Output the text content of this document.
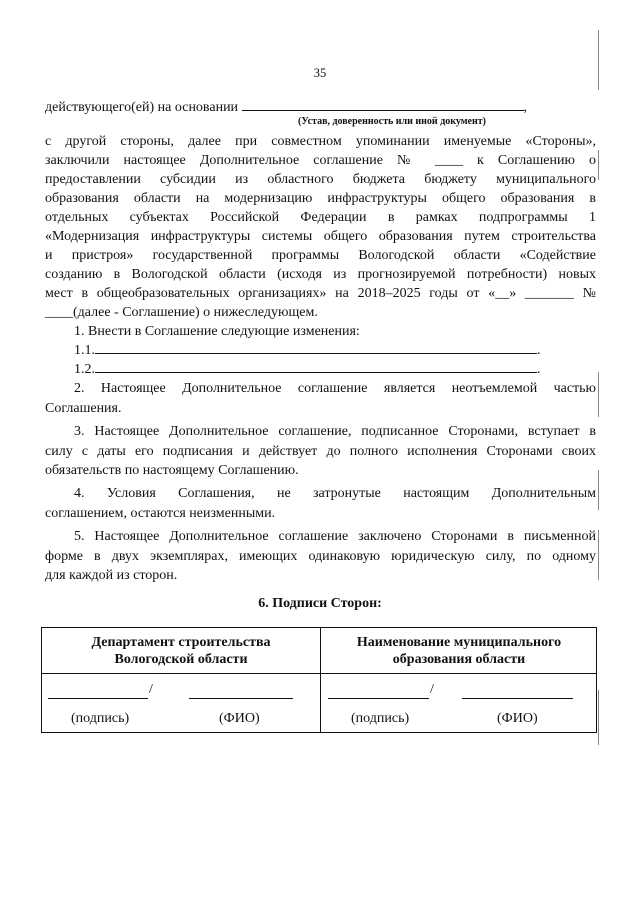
35
действующего(ей) на основании	,
(Устав, доверенность или иной документ)
с другой стороны, далее при совместном упоминании именуемые «Стороны»,
заключили настоящее Дополнительное соглашение № ____ к Соглашению о
предоставлении субсидии из областного бюджета бюджету муниципального
образования области на модернизацию инфраструктуры общего образования в
отдельных субъектах Российской Федерации в рамках подпрограммы 1
«Модернизация инфраструктуры системы общего образования путем строительства
и пристроя» государственной программы Вологодской области «Содействие
созданию в Вологодской области (исходя из прогнозируемой потребности) новых
мест в общеобразовательных организациях» на 2018–2025 годы от «__» _______ №
____(далее - Соглашение) о нижеследующем.
1. Внести в Соглашение следующие изменения:
1.1.	.
1.2.	.
2. Настоящее Дополнительное соглашение является неотъемлемой частью
Соглашения.
3. Настоящее Дополнительное соглашение, подписанное Сторонами, вступает в
силу с даты его подписания и действует до полного исполнения Сторонами своих
обязательств по настоящему Соглашению.
4. Условия Соглашения, не затронутые настоящим Дополнительным
соглашением, остаются неизменными.
5. Настоящее Дополнительное соглашение заключено Сторонами в письменной
форме в двух экземплярах, имеющих одинаковую юридическую силу, по одному
для каждой из сторон.
6. Подписи Сторон:
Департамент строительства
Вологодской области
Наименование муниципального
образования области
/	/
(подпись)	(ФИО)	(подпись)	(ФИО)
